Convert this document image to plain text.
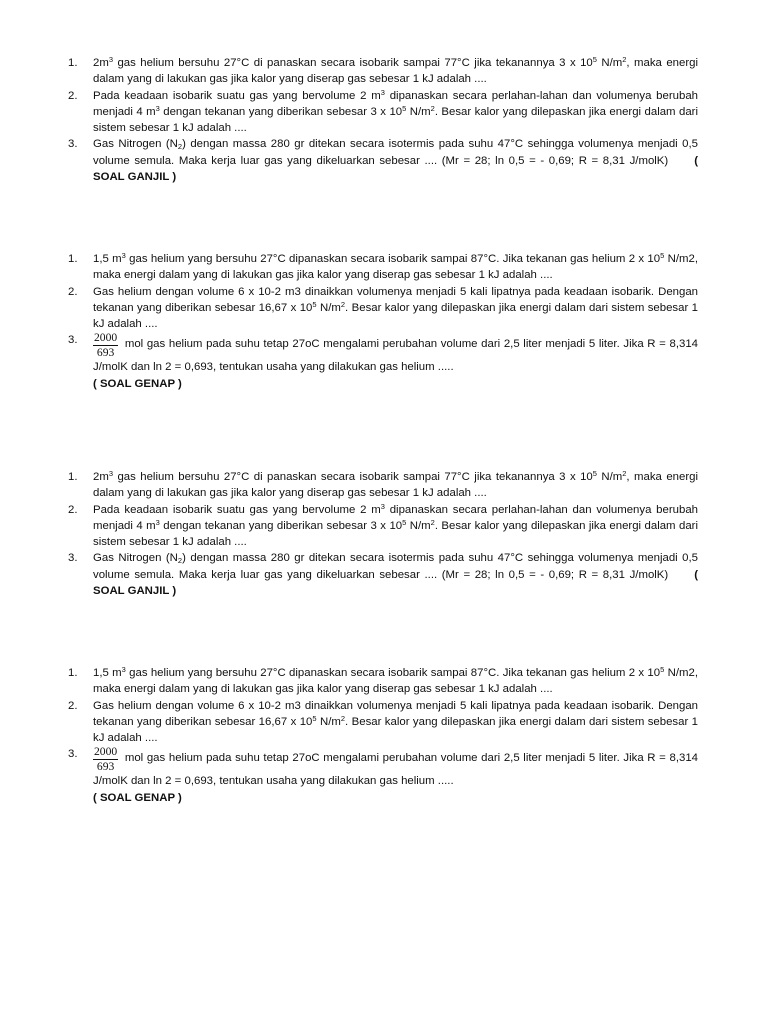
1. $2m^3$ gas helium bersuhu 27°C di panaskan secara isobarik sampai 77°C jika tekanannya 3 x $10^5$ $N/m^2$, maka energi dalam yang di lakukan gas jika kalor yang diserap gas sebesar 1 kJ adalah ....
2. Pada keadaan isobarik suatu gas yang bervolume 2 $m^3$ dipanaskan secara perlahan-lahan dan volumenya berubah menjadi 4 $m^3$ dengan tekanan yang diberikan sebesar 3 x $10^5$ $N/m^2$. Besar kalor yang dilepaskan jika energi dalam dari sistem sebesar 1 kJ adalah ....
3. Gas Nitrogen $(N_2)$ dengan massa 280 gr ditekan secara isotermis pada suhu 47°C sehingga volumenya menjadi 0,5 volume semula. Maka kerja luar gas yang dikeluarkan sebesar .... (Mr = 28; ln 0,5 = - 0,69; R = 8,31 J/molK) ( SOAL GANJIL )
1. 1,5 $m^3$ gas helium yang bersuhu 27°C dipanaskan secara isobarik sampai 87°C. Jika tekanan gas helium 2 x $10^5$ N/m2, maka energi dalam yang di lakukan gas jika kalor yang diserap gas sebesar 1 kJ adalah ....
2. Gas helium dengan volume 6 x 10-2 m3 dinaikkan volumenya menjadi 5 kali lipatnya pada keadaan isobarik. Dengan tekanan yang diberikan sebesar 16,67 x $10^5$ $N/m^2$. Besar kalor yang dilepaskan jika energi dalam dari sistem sebesar 1 kJ adalah ....
3. $\frac{2000}{693}$ mol gas helium pada suhu tetap 27oC mengalami perubahan volume dari 2,5 liter menjadi 5 liter. Jika R = 8,314 J/molK dan ln 2 = 0,693, tentukan usaha yang dilakukan gas helium .....
( SOAL GENAP )
1. $2m^3$ gas helium bersuhu 27°C di panaskan secara isobarik sampai 77°C jika tekanannya 3 x $10^5$ $N/m^2$, maka energi dalam yang di lakukan gas jika kalor yang diserap gas sebesar 1 kJ adalah ....
2. Pada keadaan isobarik suatu gas yang bervolume 2 $m^3$ dipanaskan secara perlahan-lahan dan volumenya berubah menjadi 4 $m^3$ dengan tekanan yang diberikan sebesar 3 x $10^5$ $N/m^2$. Besar kalor yang dilepaskan jika energi dalam dari sistem sebesar 1 kJ adalah ....
3. Gas Nitrogen $(N_2)$ dengan massa 280 gr ditekan secara isotermis pada suhu 47°C sehingga volumenya menjadi 0,5 volume semula. Maka kerja luar gas yang dikeluarkan sebesar .... (Mr = 28; ln 0,5 = - 0,69; R = 8,31 J/molK) ( SOAL GANJIL )
1. 1,5 $m^3$ gas helium yang bersuhu 27°C dipanaskan secara isobarik sampai 87°C. Jika tekanan gas helium 2 x $10^5$ N/m2, maka energi dalam yang di lakukan gas jika kalor yang diserap gas sebesar 1 kJ adalah ....
2. Gas helium dengan volume 6 x 10-2 m3 dinaikkan volumenya menjadi 5 kali lipatnya pada keadaan isobarik. Dengan tekanan yang diberikan sebesar 16,67 x $10^5$ $N/m^2$. Besar kalor yang dilepaskan jika energi dalam dari sistem sebesar 1 kJ adalah ....
3. $\frac{2000}{693}$ mol gas helium pada suhu tetap 27oC mengalami perubahan volume dari 2,5 liter menjadi 5 liter. Jika R = 8,314 J/molK dan ln 2 = 0,693, tentukan usaha yang dilakukan gas helium .....
( SOAL GENAP )
